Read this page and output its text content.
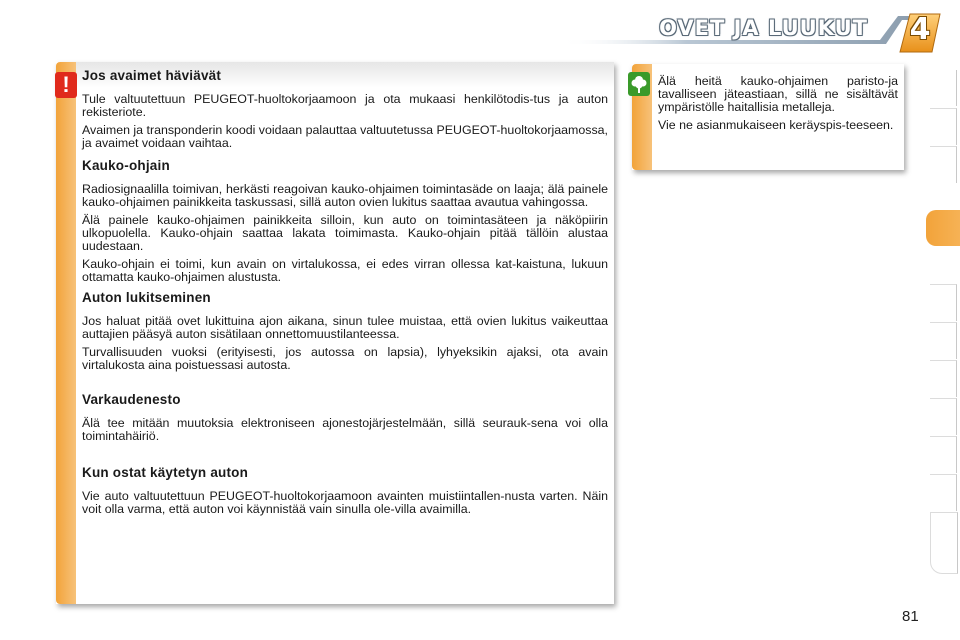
OVET JA LUUKUT	4
! Jos avaimet häviävät
Tule valtuutettuun PEUGEOT-huoltokorjaamoon ja ota mukaasi henkilötodis-tus ja auton rekisteriote.
Avaimen ja transponderin koodi voidaan palauttaa valtuutetussa PEUGEOT-huoltokorjaamossa, ja avaimet voidaan vaihtaa.
Kauko-ohjain
Radiosignaalilla toimivan, herkästi reagoivan kauko-ohjaimen toimintasäde on laaja; älä painele kauko-ohjaimen painikkeita taskussasi, sillä auton ovien lukitus saattaa avautua vahingossa.
Älä painele kauko-ohjaimen painikkeita silloin, kun auto on toimintasäteen ja näköpiirin ulkopuolella. Kauko-ohjain saattaa lakata toimimasta. Kauko-ohjain pitää tällöin alustaa uudestaan.
Kauko-ohjain ei toimi, kun avain on virtalukossa, ei edes virran ollessa kat-kaistuna, lukuun ottamatta kauko-ohjaimen alustusta.
Auton lukitseminen
Jos haluat pitää ovet lukittuina ajon aikana, sinun tulee muistaa, että ovien lukitus vaikeuttaa auttajien pääsyä auton sisätilaan onnettomuustilanteessa.
Turvallisuuden vuoksi (erityisesti, jos autossa on lapsia), lyhyeksikin ajaksi, ota avain virtalukosta aina poistuessasi autosta.
Varkaudenesto
Älä tee mitään muutoksia elektroniseen ajonestojärjestelmään, sillä seurauk-sena voi olla toimintahäiriö.
Kun ostat käytetyn auton
Vie auto valtuutettuun PEUGEOT-huoltokorjaamoon avainten muistiintallen-nusta varten. Näin voit olla varma, että auton voi käynnistää vain sinulla ole-villa avaimilla.
Älä heitä kauko-ohjaimen paristo-ja tavalliseen jäteastiaan, sillä ne sisältävät ympäristölle haitallisia metalleja.
Vie ne asianmukaiseen keräyspis-teeseen.
81
